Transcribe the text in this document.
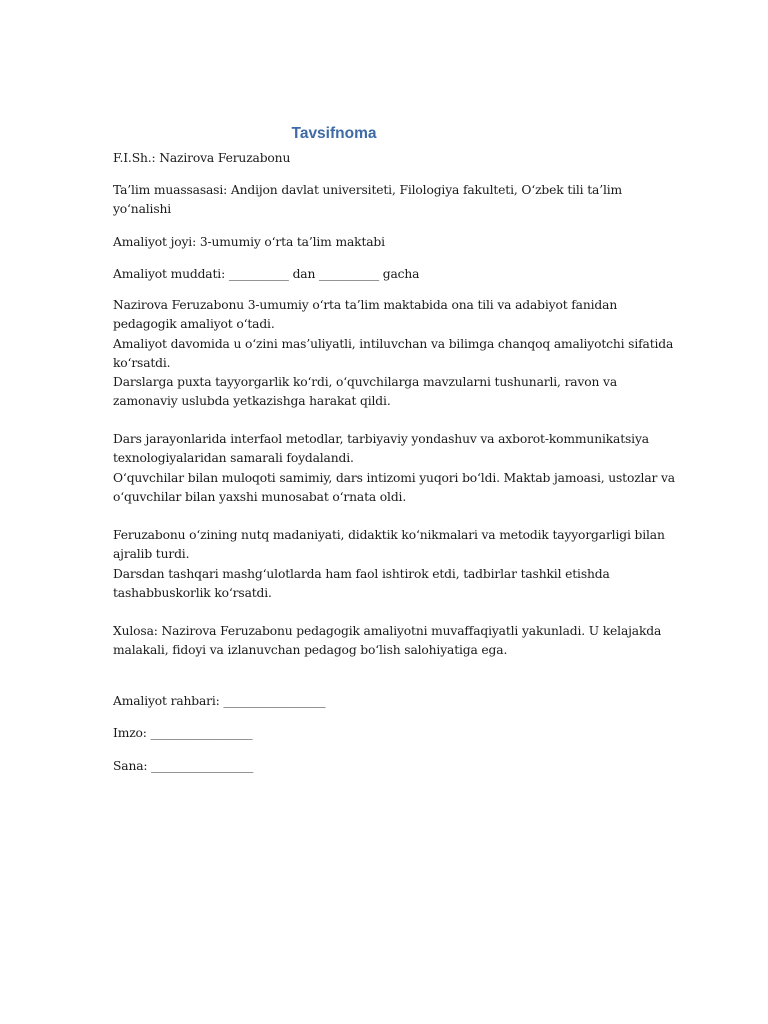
Tavsifnoma
F.I.Sh.: Nazirova Feruzabonu
Ta’lim muassasasi: Andijon davlat universiteti, Filologiya fakulteti, O‘zbek tili ta’lim
yo‘nalishi
Amaliyot joyi: 3-umumiy o‘rta ta’lim maktabi
Amaliyot muddati: __________ dan __________ gacha
Nazirova Feruzabonu 3-umumiy o‘rta ta’lim maktabida ona tili va adabiyot fanidan
pedagogik amaliyot o‘tadi.
Amaliyot davomida u o‘zini mas’uliyatli, intiluvchan va bilimga chanqoq amaliyotchi sifatida
ko‘rsatdi.
Darslarga puxta tayyorgarlik ko‘rdi, o‘quvchilarga mavzularni tushunarli, ravon va
zamonaviy uslubda yetkazishga harakat qildi.
Dars jarayonlarida interfaol metodlar, tarbiyaviy yondashuv va axborot-kommunikatsiya
texnologiyalaridan samarali foydalandi.
O‘quvchilar bilan muloqoti samimiy, dars intizomi yuqori bo‘ldi. Maktab jamoasi, ustozlar va
o‘quvchilar bilan yaxshi munosabat o‘rnata oldi.
Feruzabonu o‘zining nutq madaniyati, didaktik ko‘nikmalari va metodik tayyorgarligi bilan
ajralib turdi.
Darsdan tashqari mashg‘ulotlarda ham faol ishtirok etdi, tadbirlar tashkil etishda
tashabbuskorlik ko‘rsatdi.
Xulosa: Nazirova Feruzabonu pedagogik amaliyotni muvaffaqiyatli yakunladi. U kelajakda
malakali, fidoyi va izlanuvchan pedagog bo‘lish salohiyatiga ega.
Amaliyot rahbari: _________________
Imzo: _________________
Sana: _________________
